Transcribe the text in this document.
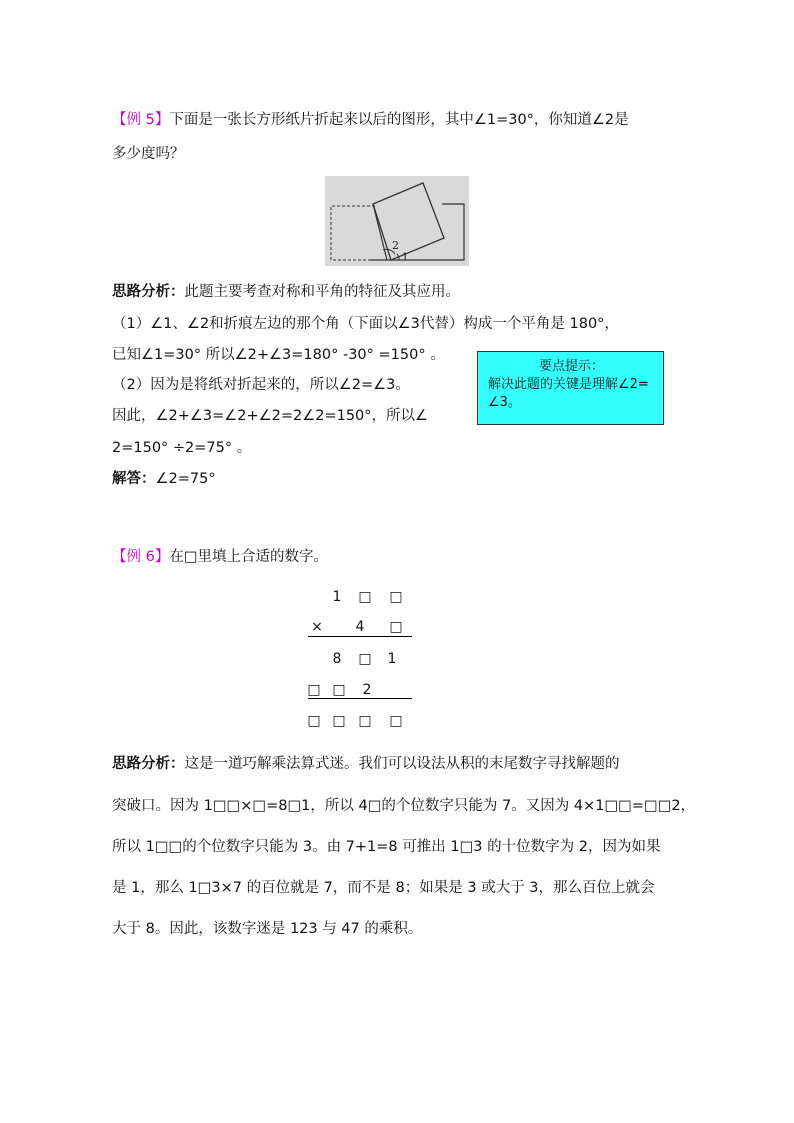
【例 5】下面是一张长方形纸片折起来以后的图形，其中∠1=30°，你知道∠2是
多少度吗？
2
1
思路分析：此题主要考查对称和平角的特征及其应用。
（1）∠1、∠2和折痕左边的那个角（下面以∠3代替）构成一个平角是 180°，
已知∠1=30° 所以∠2+∠3=180° -30° =150° 。
（2）因为是将纸对折起来的，所以∠2=∠3。
因此，∠2+∠3=∠2+∠2=2∠2=150°，所以∠
2=150° ÷2=75° 。
解答：∠2=75°
要点提示：
解决此题的关键是理解∠2=
∠3。
【例 6】在□里填上合适的数字。
1	□ □
×	4	□
8	□	1
□ □	2
□ □ □ □
思路分析：这是一道巧解乘法算式迷。我们可以设法从积的末尾数字寻找解题的
突破口。因为 1□□×□=8□1，所以 4□的个位数字只能为 7。又因为 4×1□□=□□2，
所以 1□□的个位数字只能为 3。由 7+1=8 可推出 1□3 的十位数字为 2，因为如果
是 1，那么 1□3×7 的百位就是 7，而不是 8；如果是 3 或大于 3，那么百位上就会
大于 8。因此，该数字迷是 123 与 47 的乘积。
